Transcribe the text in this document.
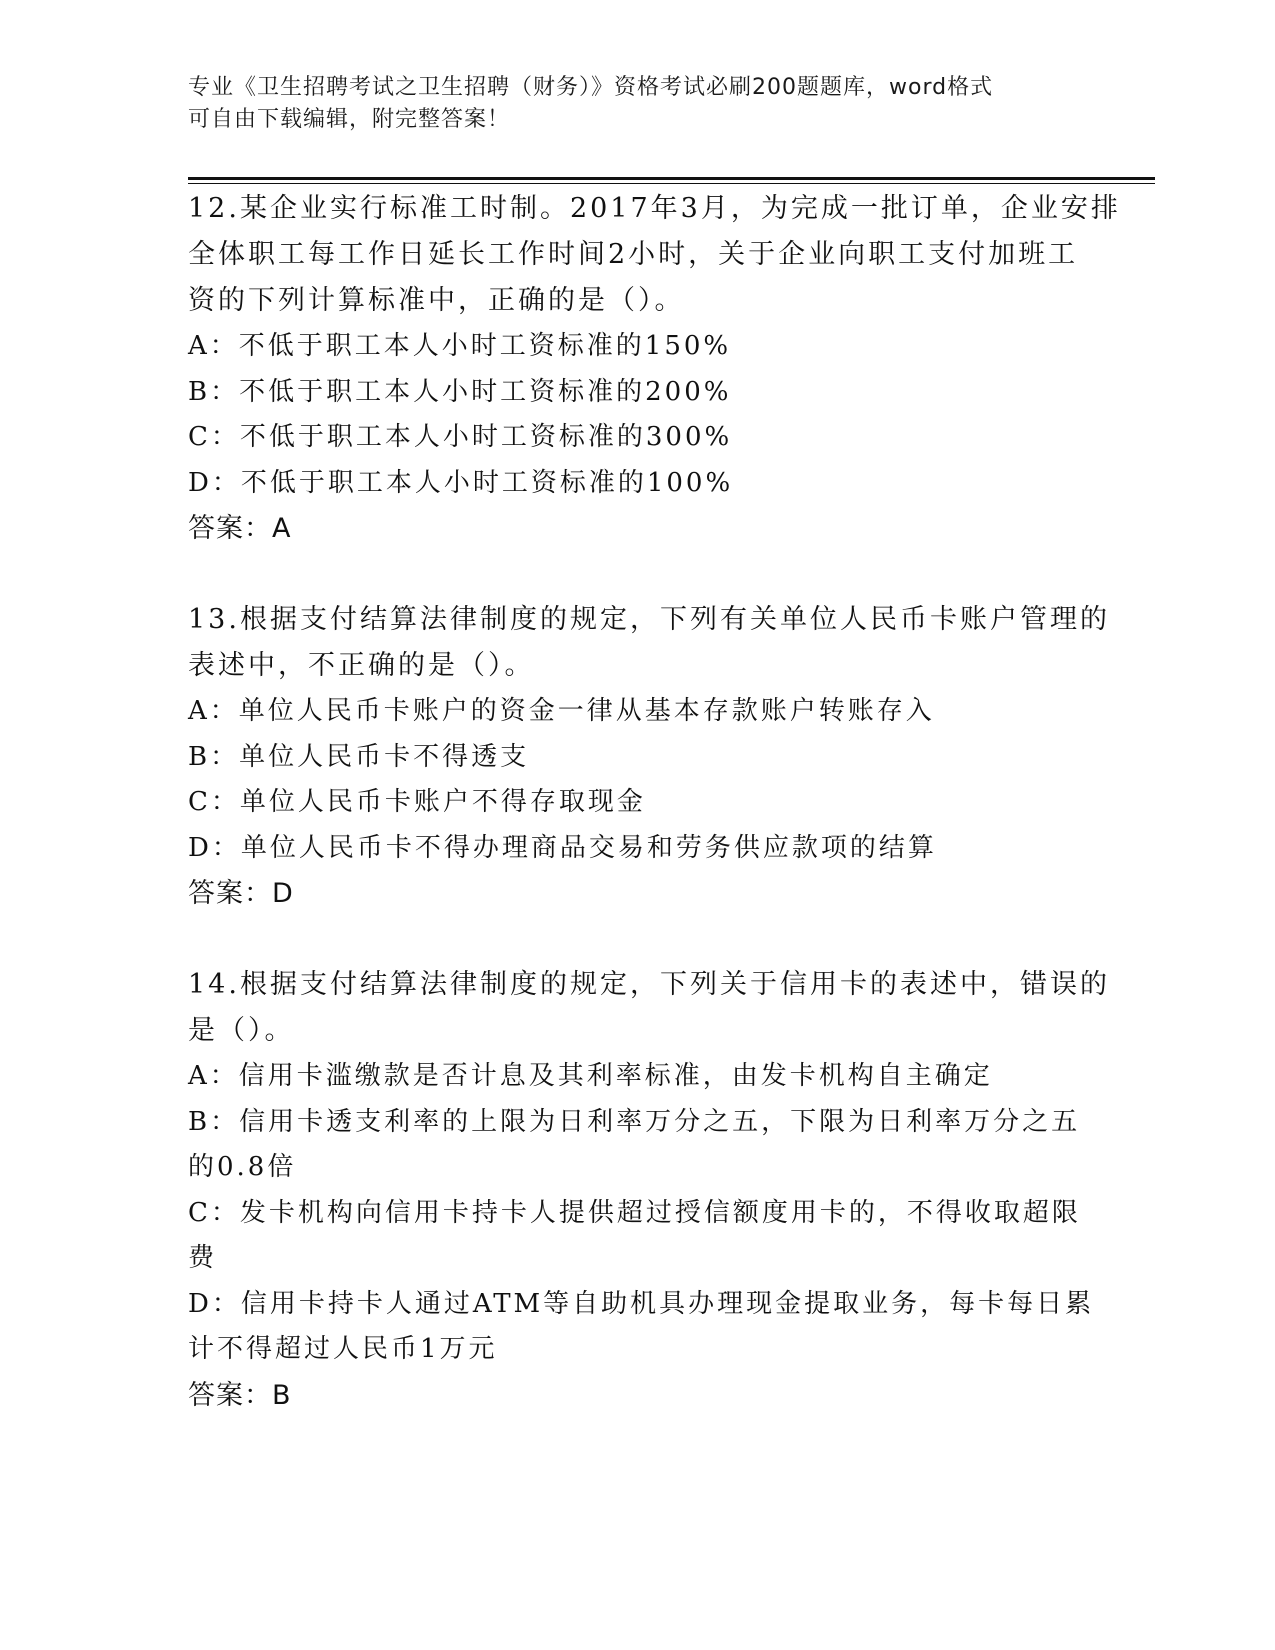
专业《卫生招聘考试之卫生招聘（财务）》资格考试必刷200题题库，word格式
可自由下载编辑，附完整答案！
12.某企业实行标准工时制。2017年3月，为完成一批订单，企业安排
全体职工每工作日延长工作时间2小时，关于企业向职工支付加班工
资的下列计算标准中，正确的是（）。
A：不低于职工本人小时工资标准的150%
B：不低于职工本人小时工资标准的200%
C：不低于职工本人小时工资标准的300%
D：不低于职工本人小时工资标准的100%
答案：A
13.根据支付结算法律制度的规定，下列有关单位人民币卡账户管理的
表述中，不正确的是（）。
A：单位人民币卡账户的资金一律从基本存款账户转账存入
B：单位人民币卡不得透支
C：单位人民币卡账户不得存取现金
D：单位人民币卡不得办理商品交易和劳务供应款项的结算
答案：D
14.根据支付结算法律制度的规定，下列关于信用卡的表述中，错误的
是（）。
A：信用卡滥缴款是否计息及其利率标准，由发卡机构自主确定
B：信用卡透支利率的上限为日利率万分之五，下限为日利率万分之五
的0.8倍
C：发卡机构向信用卡持卡人提供超过授信额度用卡的，不得收取超限
费
D：信用卡持卡人通过ATM等自助机具办理现金提取业务，每卡每日累
计不得超过人民币1万元
答案：B
